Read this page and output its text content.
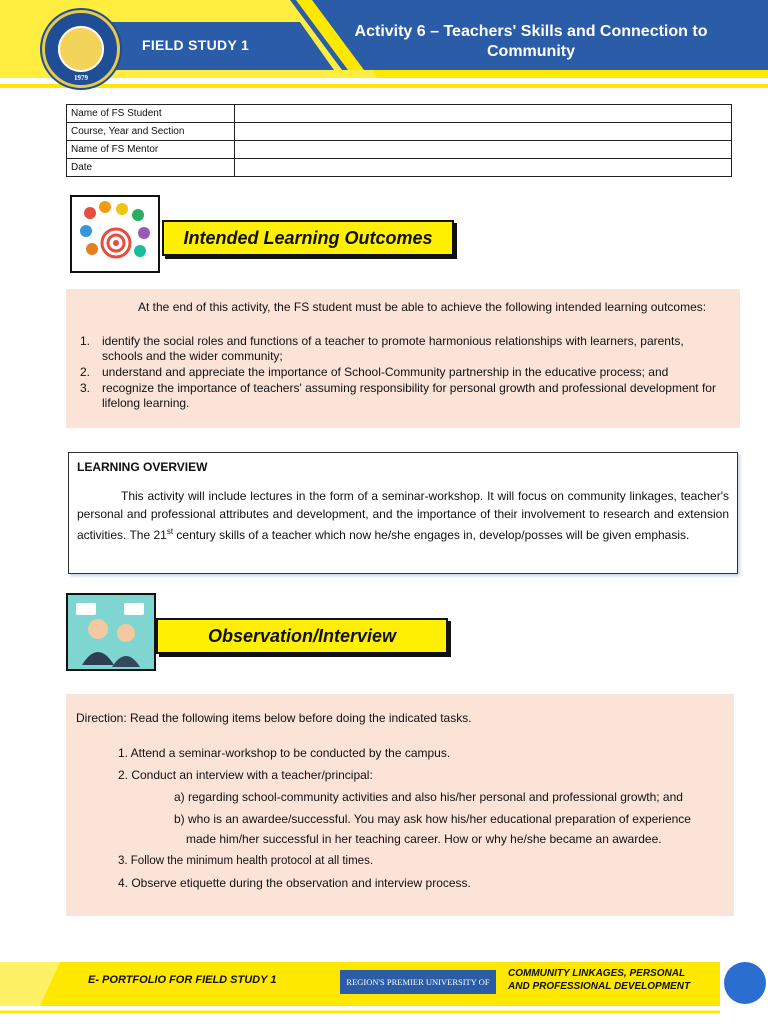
1979
FIELD STUDY 1
Activity 6 – Teachers' Skills and Connection to Community
Name of FS Student	
Course, Year and Section	
Name of FS Mentor	
Date	
Intended Learning Outcomes
At the end of this activity, the FS student must be able to achieve the following intended learning outcomes:
1. identify the social roles and functions of a teacher to promote harmonious relationships with learners, parents, schools and the wider community;
2. understand and appreciate the importance of School-Community partnership in the educative process; and
3. recognize the importance of teachers' assuming responsibility for personal growth and professional development for lifelong learning.
LEARNING OVERVIEW
This activity will include lectures in the form of a seminar-workshop. It will focus on community linkages, teacher's personal and professional attributes and development, and the importance of their involvement to research and extension activities. The 21st century skills of a teacher which now he/she engages in, develop/posses will be given emphasis.
Observation/Interview
Direction: Read the following items below before doing the indicated tasks.
1. Attend a seminar-workshop to be conducted by the campus.
2. Conduct an interview with a teacher/principal:
a) regarding school-community activities and also his/her personal and professional growth; and
b) who is an awardee/successful. You may ask how his/her educational preparation of experience
made him/her successful in her teaching career. How or why he/she became an awardee.
3. Follow the minimum health protocol at all times.
4. Observe etiquette during the observation and interview process.
E- PORTFOLIO FOR FIELD STUDY 1	REGION'S PREMIER UNIVERSITY OF
COMMUNITY LINKAGES, PERSONAL
AND PROFESSIONAL DEVELOPMENT
